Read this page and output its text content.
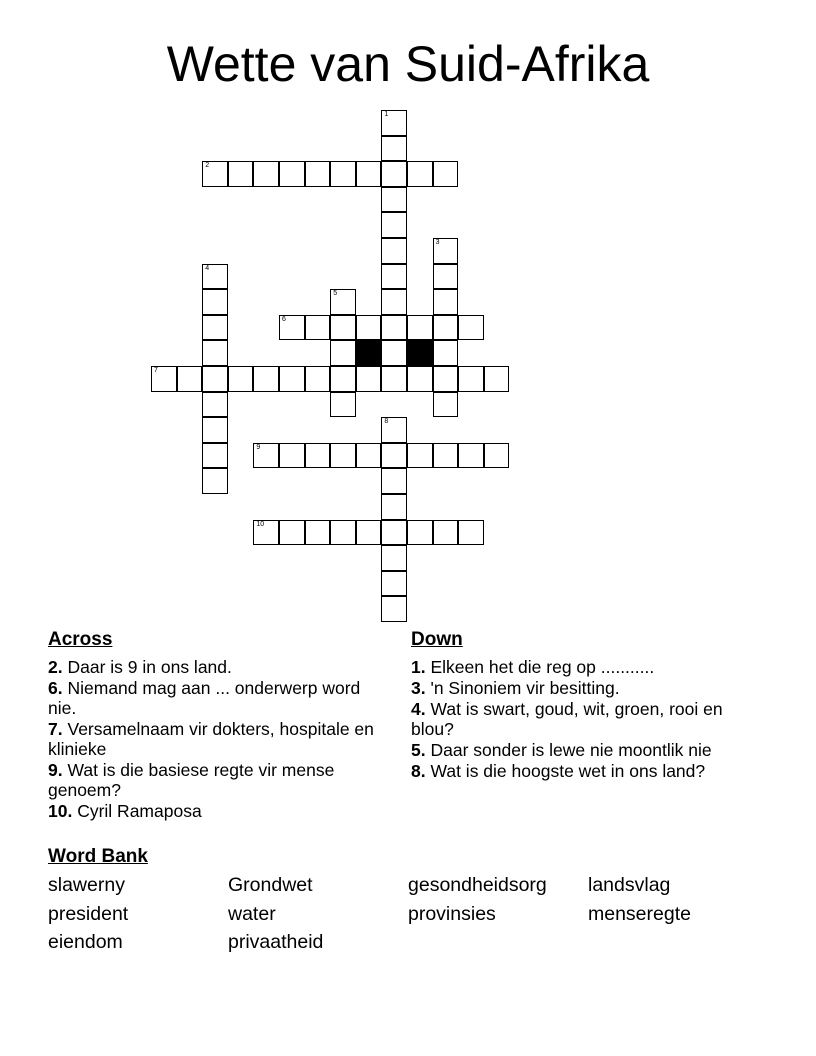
Wette van Suid-Afrika
1
2
3
4
5
6
7
8
9
10
Across
2. Daar is 9 in ons land.
6. Niemand mag aan ... onderwerp word nie.
7. Versamelnaam vir dokters, hospitale en klinieke
9. Wat is die basiese regte vir mense genoem?
10. Cyril Ramaposa
Down
1. Elkeen het die reg op ...........
3. 'n Sinoniem vir besitting.
4. Wat is swart, goud, wit, groen, rooi en blou?
5. Daar sonder is lewe nie moontlik nie
8. Wat is die hoogste wet in ons land?
Word Bank
slawerny	Grondwet	gesondheidsorg landsvlag
president	water	provinsies	menseregte
eiendom	privaatheid
